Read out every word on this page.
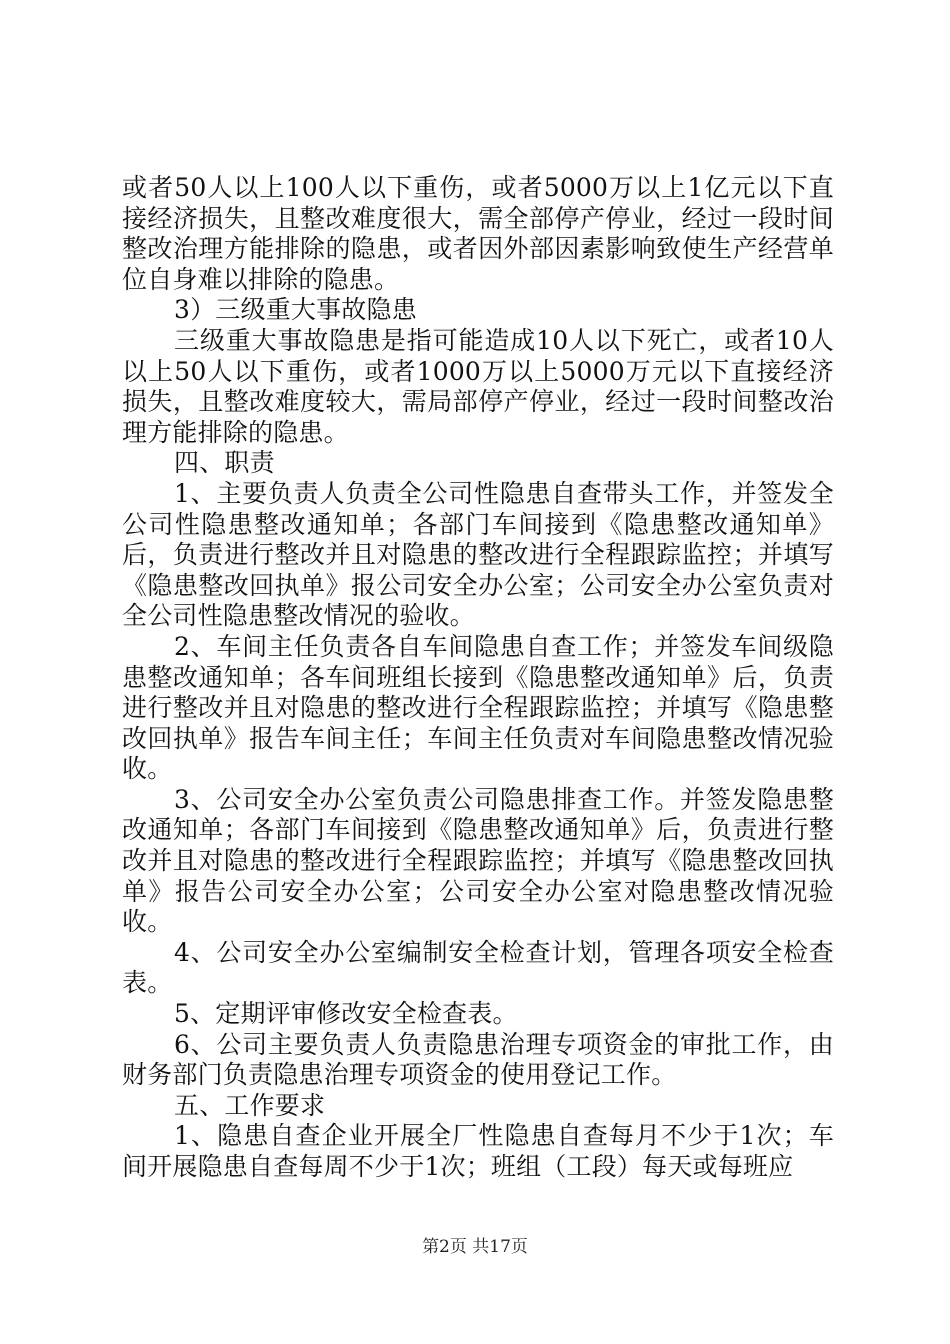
或者50人以上100人以下重伤，或者5000万以上1亿元以下直接经济损失，且整改难度很大，需全部停产停业，经过一段时间整改治理方能排除的隐患，或者因外部因素影响致使生产经营单位自身难以排除的隐患。

3）三级重大事故隐患

三级重大事故隐患是指可能造成10人以下死亡，或者10人以上50人以下重伤，或者1000万以上5000万元以下直接经济损失，且整改难度较大，需局部停产停业，经过一段时间整改治理方能排除的隐患。

四、职责

1、主要负责人负责全公司性隐患自查带头工作，并签发全公司性隐患整改通知单；各部门车间接到《隐患整改通知单》后，负责进行整改并且对隐患的整改进行全程跟踪监控；并填写《隐患整改回执单》报公司安全办公室；公司安全办公室负责对全公司性隐患整改情况的验收。

2、车间主任负责各自车间隐患自查工作；并签发车间级隐患整改通知单；各车间班组长接到《隐患整改通知单》后，负责进行整改并且对隐患的整改进行全程跟踪监控；并填写《隐患整改回执单》报告车间主任；车间主任负责对车间隐患整改情况验收。

3、公司安全办公室负责公司隐患排查工作。并签发隐患整改通知单；各部门车间接到《隐患整改通知单》后，负责进行整改并且对隐患的整改进行全程跟踪监控；并填写《隐患整改回执单》报告公司安全办公室；公司安全办公室对隐患整改情况验收。

4、公司安全办公室编制安全检查计划，管理各项安全检查表。

5、定期评审修改安全检查表。

6、公司主要负责人负责隐患治理专项资金的审批工作，由财务部门负责隐患治理专项资金的使用登记工作。

五、工作要求

1、隐患自查企业开展全厂性隐患自查每月不少于1次；车间开展隐患自查每周不少于1次；班组（工段）每天或每班应

第2页 共17页
